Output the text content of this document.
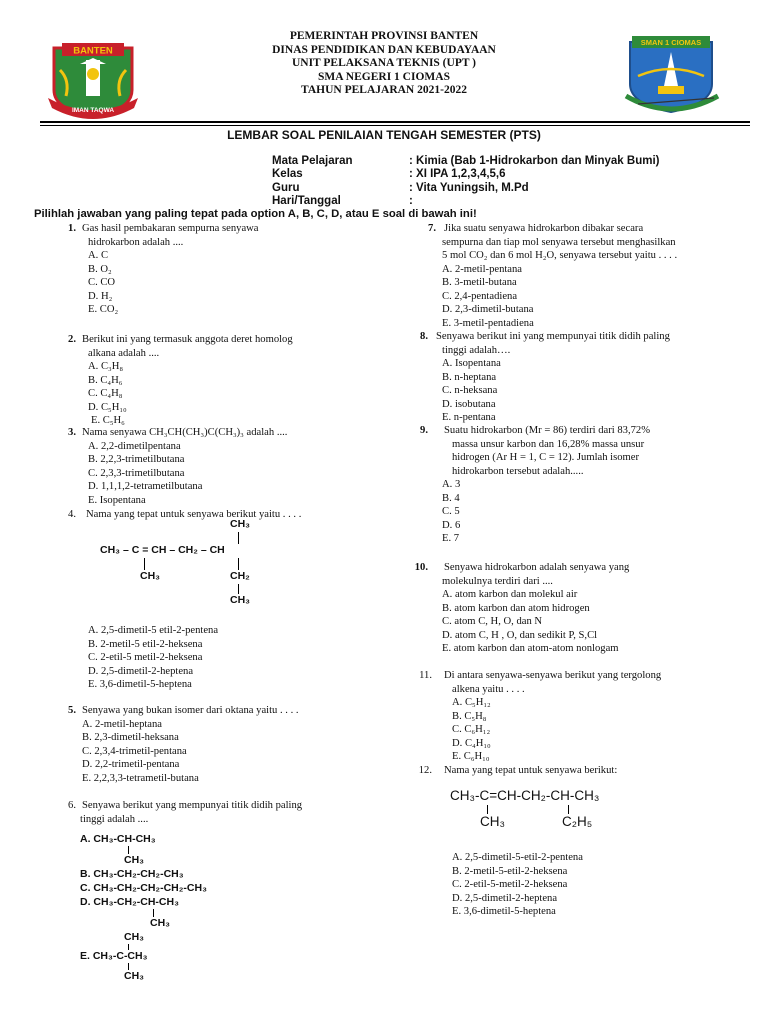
BANTEN
IMAN TAQWA
SMAN 1 CIOMAS
PEMERINTAH PROVINSI BANTEN
DINAS PENDIDIKAN DAN KEBUDAYAAN
UNIT PELAKSANA TEKNIS (UPT )
SMA NEGERI 1 CIOMAS
TAHUN PELAJARAN 2021-2022
LEMBAR SOAL PENILAIAN TENGAH SEMESTER (PTS)
Mata Pelajaran	: Kimia (Bab 1-Hidrokarbon dan Minyak Bumi)
Kelas	: XI IPA 1,2,3,4,5,6
Guru	: Vita Yuningsih, M.Pd
Hari/Tanggal	:
Pilihlah jawaban yang paling tepat pada option A, B, C, D, atau E soal di bawah ini!
1. Gas hasil pembakaran sempurna senyawa
hidrokarbon adalah ....
A. C
B. O₂
C. CO
D. H₂
E. CO₂
2. Berikut ini yang termasuk anggota deret homolog
alkana adalah ....
A. C₃H₈
B. C₄H₆
C. C₄H₈
D. C₅H₁₀
E. C₅H₆
3. Nama senyawa CH₃CH(CH₃)C(CH₃)₃ adalah ....
A. 2,2-dimetilpentana
B. 2,2,3-trimetilbutana
C. 2,3,3-trimetilbutana
D. 1,1,1,2-tetrametilbutana
E. Isopentana
4. Nama yang tepat untuk senyawa berikut yaitu . . . .
CH₃
CH₃ – C = CH – CH₂ – CH
CH₃	CH₂
CH₃
A. 2,5-dimetil-5 etil-2-pentena
B. 2-metil-5 etil-2-heksena
C. 2-etil-5 metil-2-heksena
D. 2,5-dimetil-2-heptena
E. 3,6-dimetil-5-heptena
5. Senyawa yang bukan isomer dari oktana yaitu . . . .
A. 2-metil-heptana
B. 2,3-dimetil-heksana
C. 2,3,4-trimetil-pentana
D. 2,2-trimetil-pentana
E. 2,2,3,3-tetrametil-butana
6. Senyawa berikut yang mempunyai titik didih paling
tinggi adalah ....
A. CH₃-CH-CH₃
CH₃
B. CH₃-CH₂-CH₂-CH₃
C. CH₃-CH₂-CH₂-CH₂-CH₃
D. CH₃-CH₂-CH-CH₃
CH₃
CH₃
E. CH₃-C-CH₃
CH₃
7. Jika suatu senyawa hidrokarbon dibakar secara
sempurna dan tiap mol senyawa tersebut menghasilkan
5 mol CO₂ dan 6 mol H₂O, senyawa tersebut yaitu . . . .
A. 2-metil-pentana
B. 3-metil-butana
C. 2,4-pentadiena
D. 2,3-dimetil-butana
E. 3-metil-pentadiena
8. Senyawa berikut ini yang mempunyai titik didih paling
tinggi adalah….
A. Isopentana
B. n-heptana
C. n-heksana
D. isobutana
E. n-pentana
9. Suatu hidrokarbon (Mr = 86) terdiri dari 83,72%
massa unsur karbon dan 16,28% massa unsur
hidrogen (Ar H = 1, C = 12). Jumlah isomer
hidrokarbon tersebut adalah.....
A. 3
B. 4
C. 5
D. 6
E. 7
10. Senyawa hidrokarbon adalah senyawa yang
molekulnya terdiri dari ....
A. atom karbon dan molekul air
B. atom karbon dan atom hidrogen
C. atom C, H, O, dan N
D. atom C, H , O, dan sedikit P, S,Cl
E. atom karbon dan atom-atom nonlogam
11. Di antara senyawa-senyawa berikut yang tergolong
alkena yaitu . . . .
A. C₅H₁₂
B. C₅H₈
C. C₆H₁₂
D. C₄H₁₀
E. C₆H₁₀
12. Nama yang tepat untuk senyawa berikut:
CH₃-C=CH-CH₂-CH-CH₃
CH₃	C₂H₅
A. 2,5-dimetil-5-etil-2-pentena
B. 2-metil-5-etil-2-heksena
C. 2-etil-5-metil-2-heksena
D. 2,5-dimetil-2-heptena
E. 3,6-dimetil-5-heptena
